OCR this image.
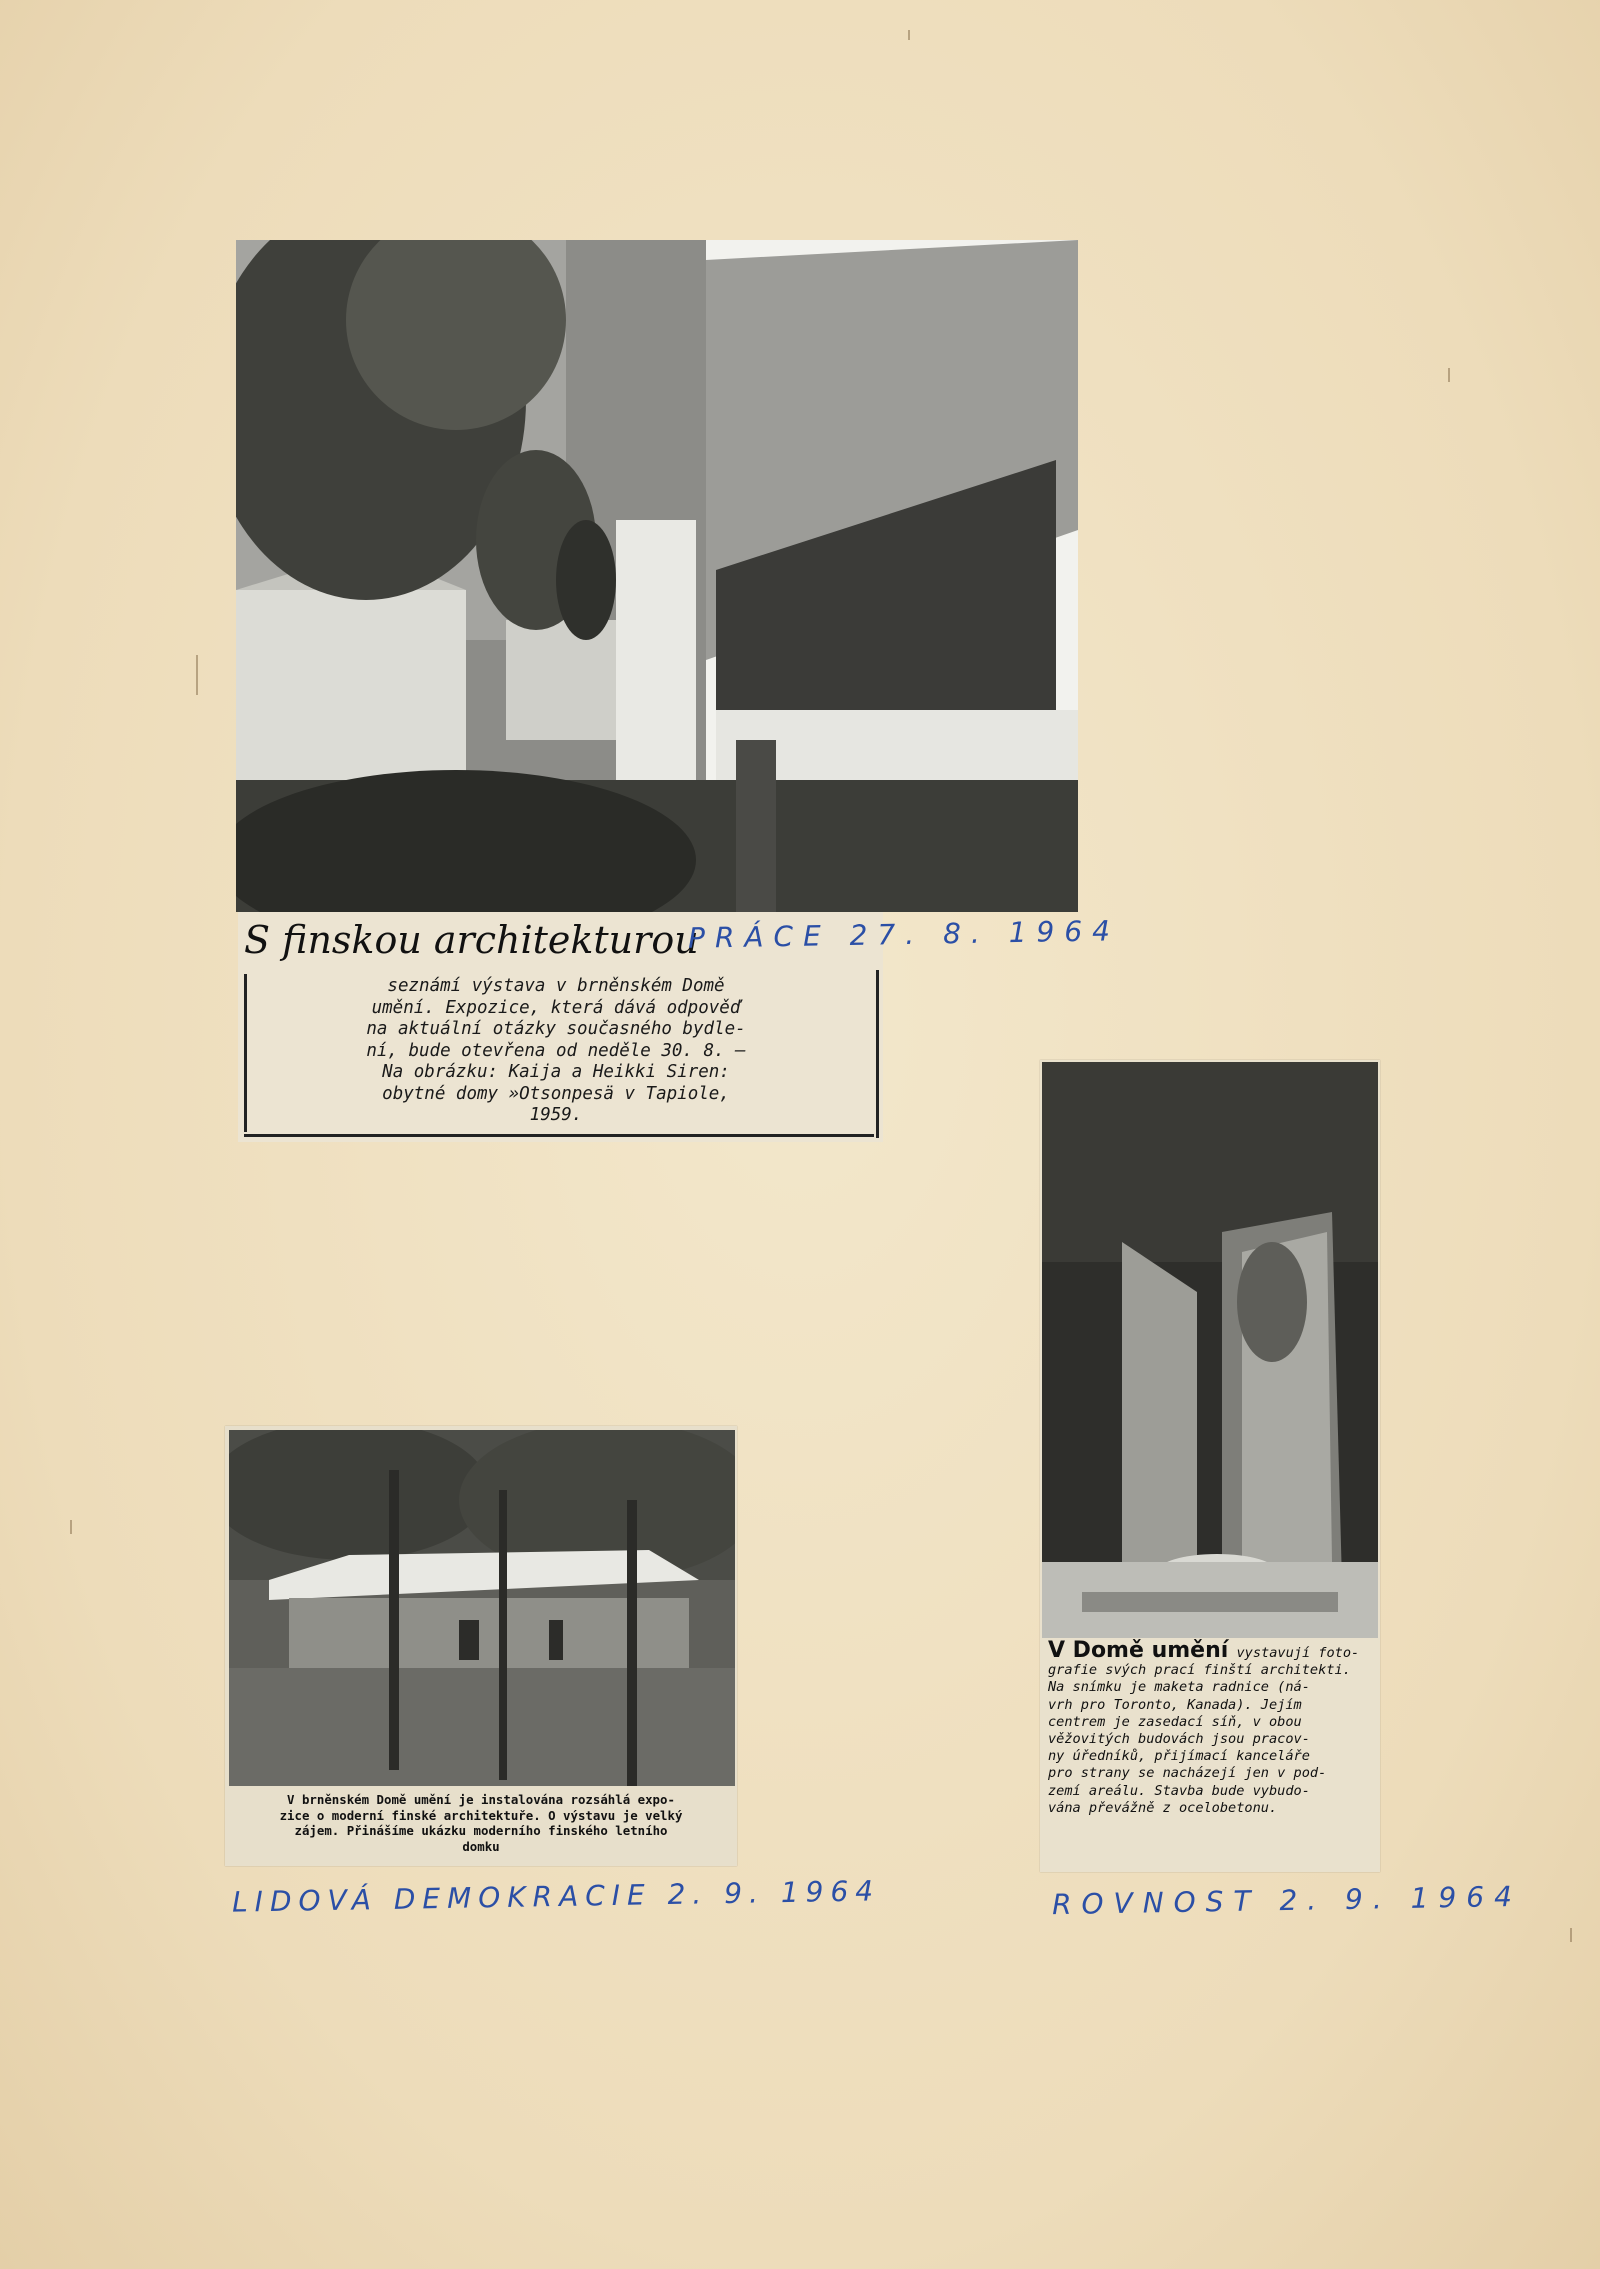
S finskou architekturou
seznámí výstava v brněnském Domě
umění. Expozice, která dává odpověď
na aktuální otázky současného bydle-
ní, bude otevřena od neděle 30. 8. —
Na obrázku: Kaija a Heikki Siren:
obytné domy »Otsonpesä v Tapiole,
1959.
PRÁCE 27. 8. 1964
V brněnském Domě umění je instalována rozsáhlá expo-
zice o moderní finské architektuře. O výstavu je velký
zájem. Přinášíme ukázku moderního finského letního
domku
LIDOVÁ DEMOKRACIE 2. 9. 1964
V Domě umění vystavují foto-
grafie svých prací finští architekti.
Na snímku je maketa radnice (ná-
vrh pro Toronto, Kanada). Jejím
centrem je zasedací síň, v obou
věžovitých budovách jsou pracov-
ny úředníků, přijímací kanceláře
pro strany se nacházejí jen v pod-
zemí areálu. Stavba bude vybudo-
vána převážně z ocelobetonu.
ROVNOST 2. 9. 1964
